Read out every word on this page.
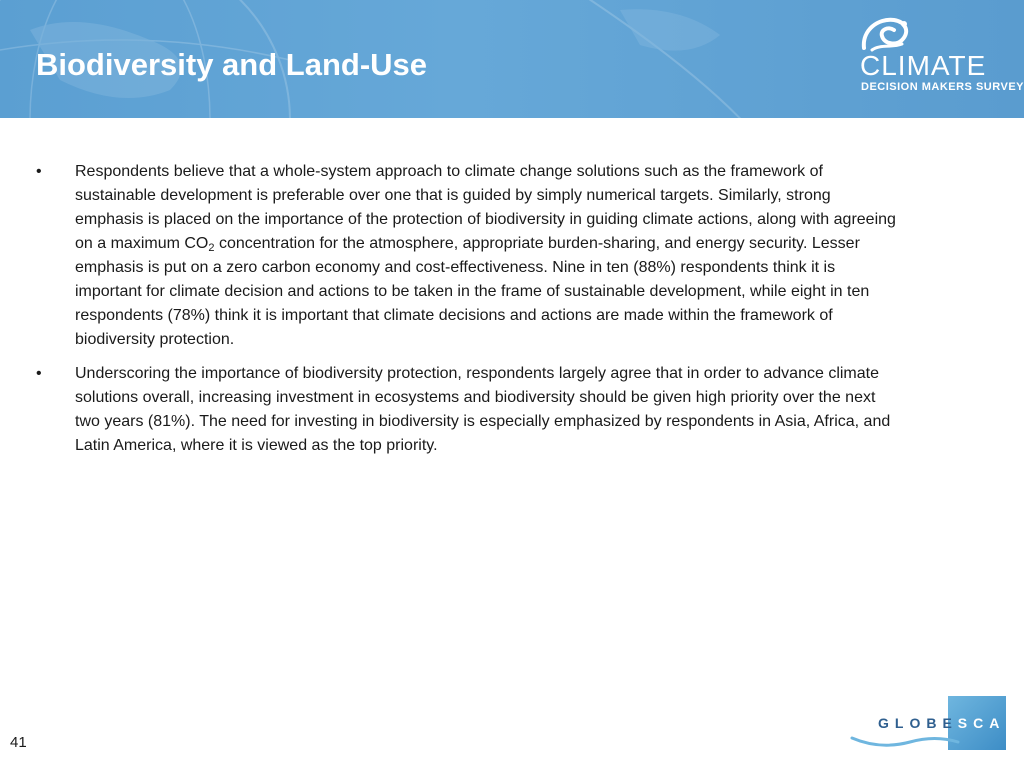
Biodiversity and Land-Use	CLIMATE
DECISION MAKERS SURVEY
• Respondents believe that a whole-system approach to climate change solutions such as the framework of sustainable development is preferable over one that is guided by simply numerical targets. Similarly, strong emphasis is placed on the importance of the protection of biodiversity in guiding climate actions, along with agreeing on a maximum $CO_2$ concentration for the atmosphere, appropriate burden-sharing, and energy security. Lesser emphasis is put on a zero carbon economy and cost-effectiveness. Nine in ten (88%) respondents think it is important for climate decision and actions to be taken in the frame of sustainable development, while eight in ten respondents (78%) think it is important that climate decisions and actions are made within the framework of biodiversity protection.
• Underscoring the importance of biodiversity protection, respondents largely agree that in order to advance climate solutions overall, increasing investment in ecosystems and biodiversity should be given high priority over the next two years (81%). The need for investing in biodiversity is especially emphasized by respondents in Asia, Africa, and Latin America, where it is viewed as the top priority.
41
GLOBESCAN
